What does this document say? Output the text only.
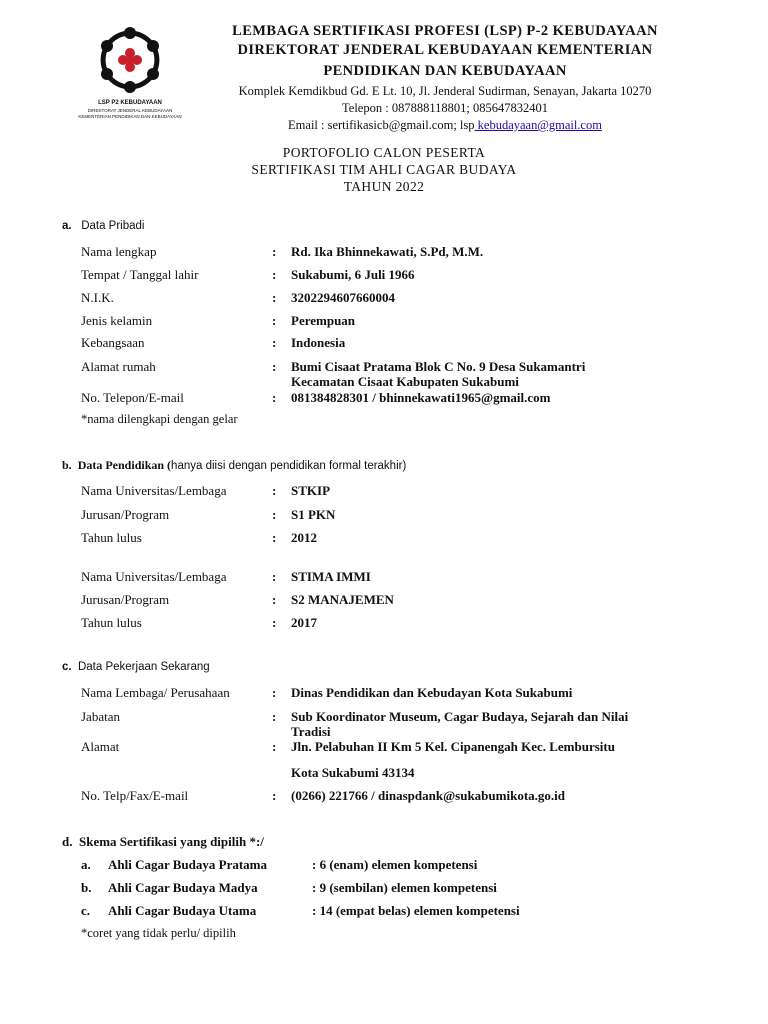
LSP P2 KEBUDAYAAN
DIREKTORAT JENDERAL KEBUDAYAAN
KEMENTERIAN PENDIDIKAN DAN KEBUDAYAAN
LEMBAGA SERTIFIKASI PROFESI (LSP) P-2 KEBUDAYAAN
DIREKTORAT JENDERAL KEBUDAYAAN KEMENTERIAN
PENDIDIKAN DAN KEBUDAYAAN
Komplek Kemdikbud Gd. E Lt. 10, Jl. Jenderal Sudirman, Senayan, Jakarta 10270
Telepon : 087888118801; 085647832401
Email : sertifikasicb@gmail.com; lsp kebudayaan@gmail.com
PORTOFOLIO CALON PESERTA
SERTIFIKASI TIM AHLI CAGAR BUDAYA
TAHUN 2022
a. Data Pribadi
Nama lengkap	: Rd. Ika Bhinnekawati, S.Pd, M.M.
Tempat / Tanggal lahir	: Sukabumi, 6 Juli 1966
N.I.K.	: 3202294607660004
Jenis kelamin	: Perempuan
Kebangsaan	: Indonesia
Alamat rumah	: Bumi Cisaat Pratama Blok C No. 9 Desa Sukamantri
Kecamatan Cisaat Kabupaten Sukabumi
No. Telepon/E-mail	: 081384828301 / bhinnekawati1965@gmail.com
*nama dilengkapi dengan gelar
b. Data Pendidikan (hanya diisi dengan pendidikan formal terakhir)
Nama Universitas/Lembaga	: STKIP
Jurusan/Program	: S1 PKN
Tahun lulus	: 2012
Nama Universitas/Lembaga	: STIMA IMMI
Jurusan/Program	: S2 MANAJEMEN
Tahun lulus	: 2017
c. Data Pekerjaan Sekarang
Nama Lembaga/ Perusahaan	: Dinas Pendidikan dan Kebudayan Kota Sukabumi
Jabatan	: Sub Koordinator Museum, Cagar Budaya, Sejarah dan Nilai
Tradisi
Alamat	: Jln. Pelabuhan II Km 5 Kel. Cipanengah Kec. Lembursitu
Kota Sukabumi 43134
No. Telp/Fax/E-mail	: (0266) 221766 / dinaspdank@sukabumikota.go.id
d. Skema Sertifikasi yang dipilih *:/
a. Ahli Cagar Budaya Pratama	: 6 (enam) elemen kompetensi
b. Ahli Cagar Budaya Madya	: 9 (sembilan) elemen kompetensi
c. Ahli Cagar Budaya Utama	: 14 (empat belas) elemen kompetensi
*coret yang tidak perlu/ dipilih
